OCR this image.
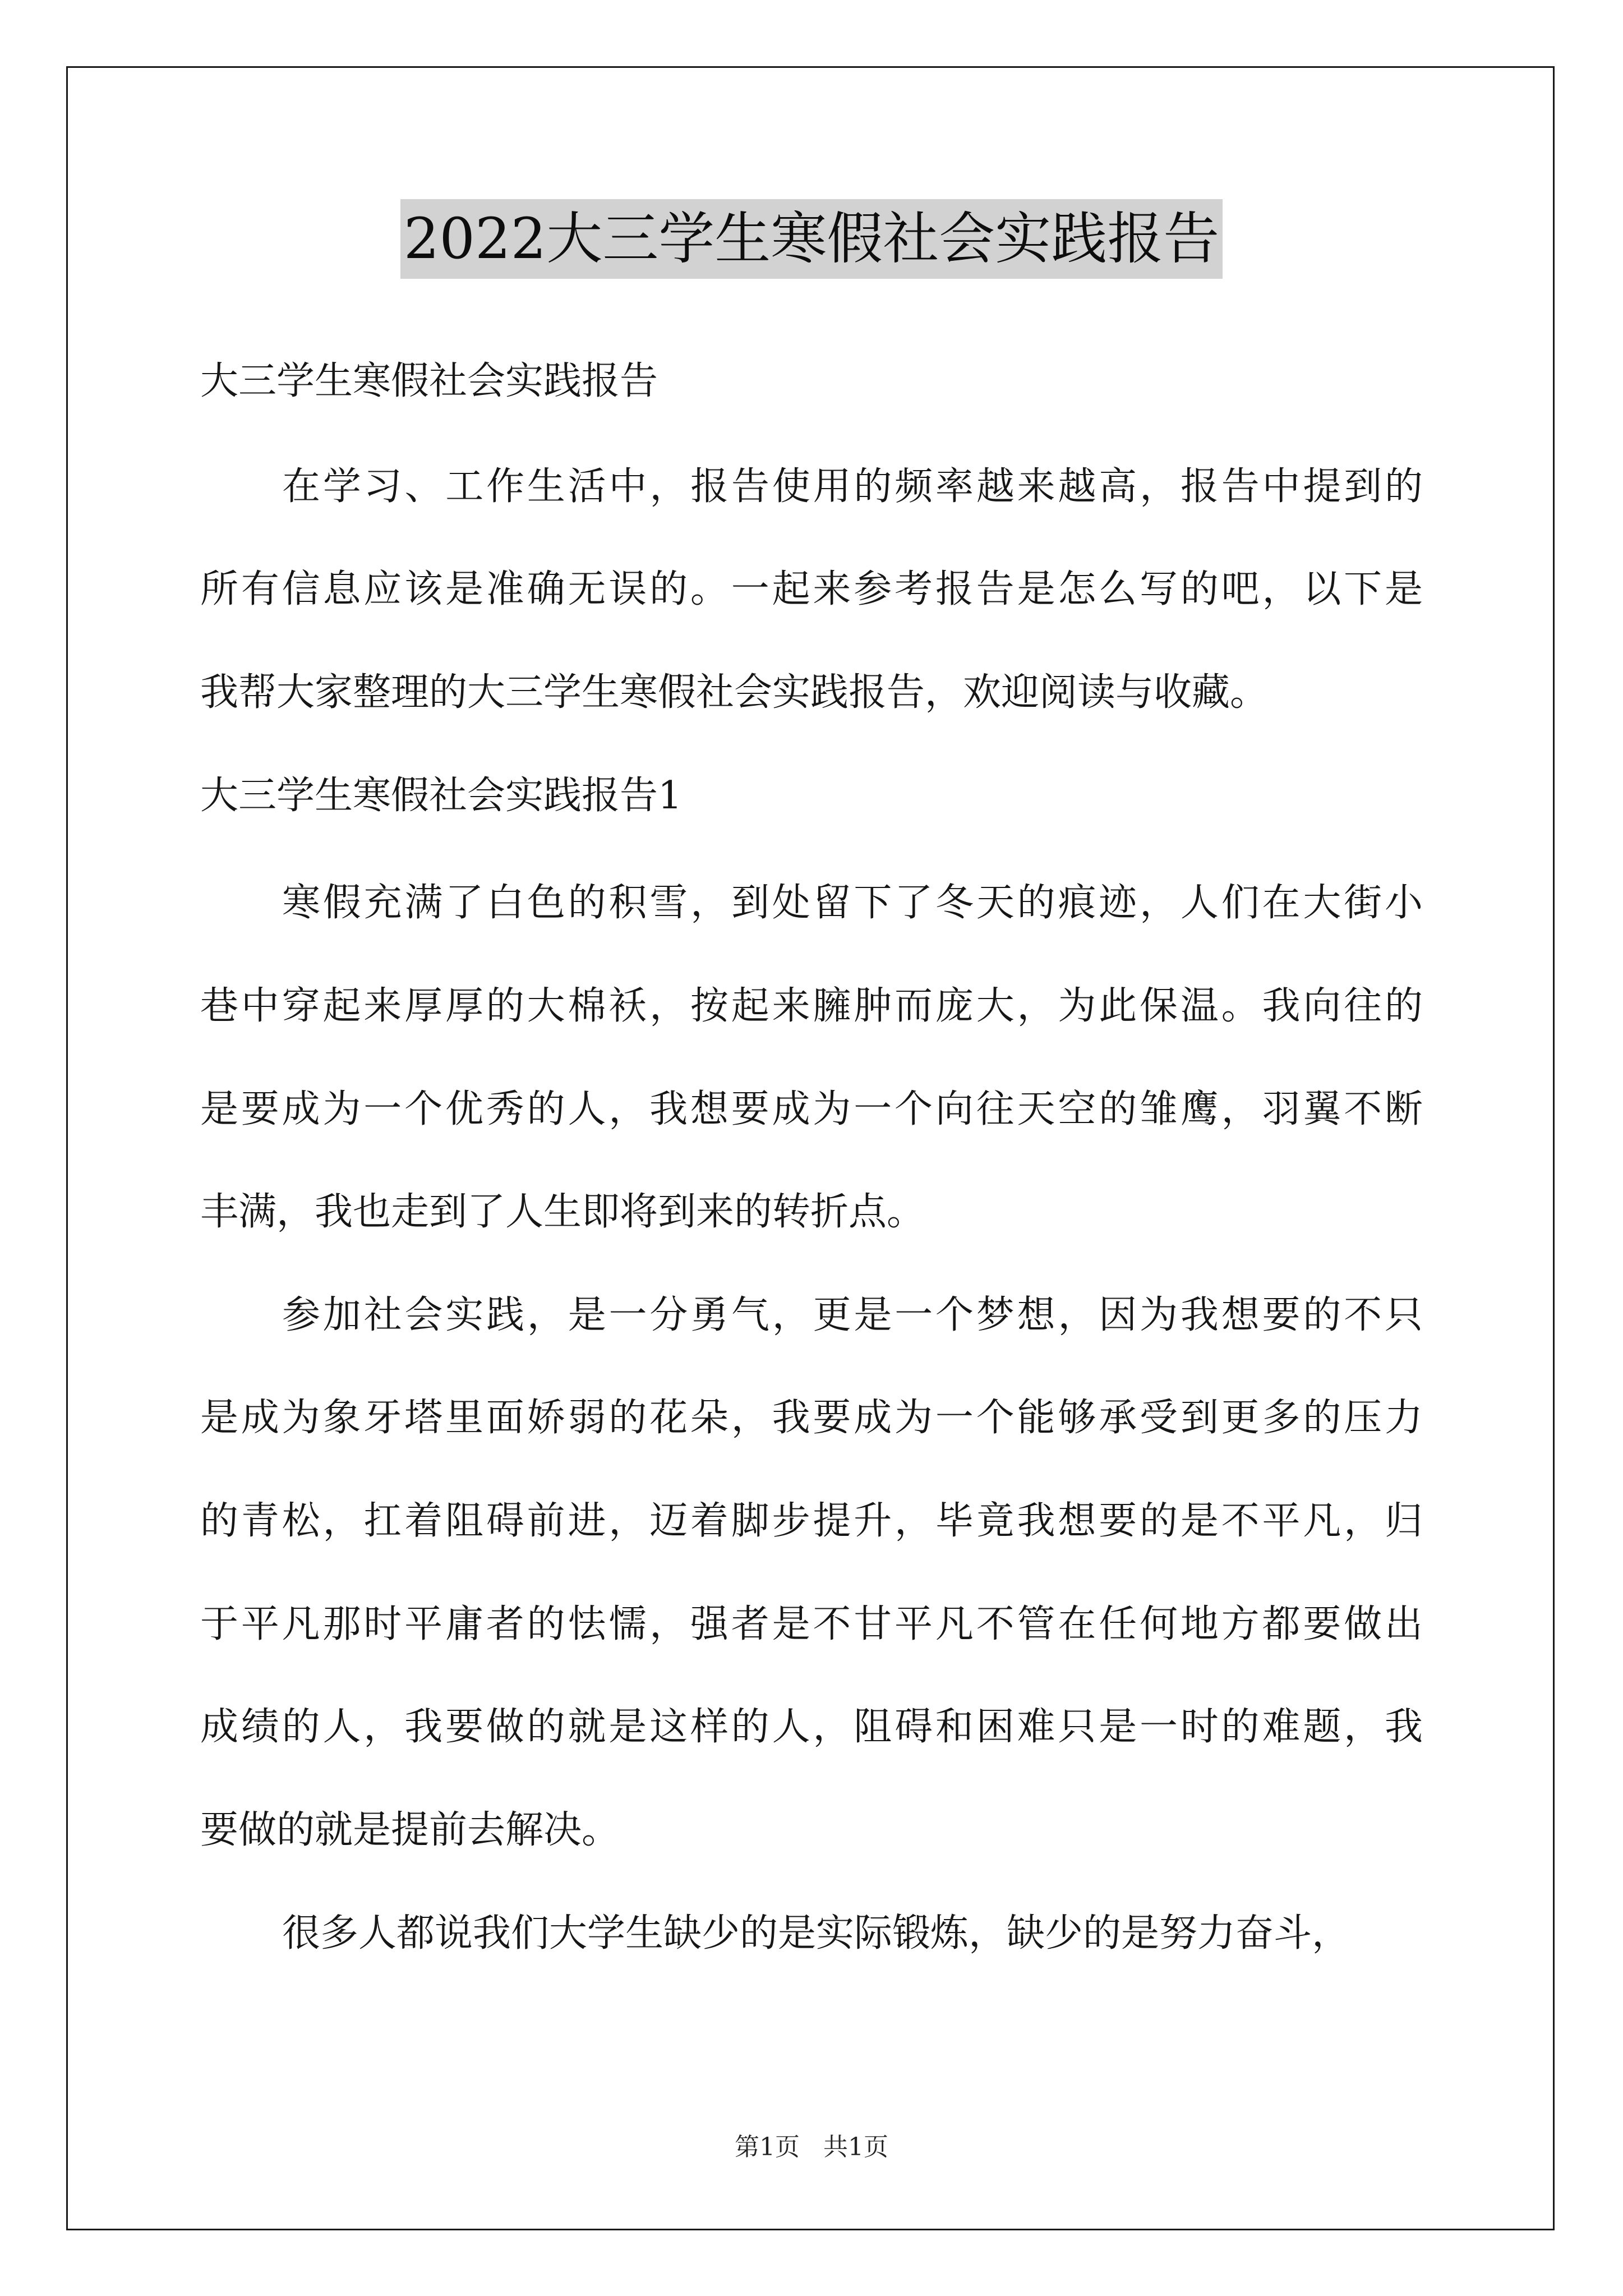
2022大三学生寒假社会实践报告
大三学生寒假社会实践报告
在学习、工作生活中，报告使用的频率越来越高，报告中提到的
所有信息应该是准确无误的。一起来参考报告是怎么写的吧，以下是
我帮大家整理的大三学生寒假社会实践报告，欢迎阅读与收藏。
大三学生寒假社会实践报告1
寒假充满了白色的积雪，到处留下了冬天的痕迹，人们在大街小
巷中穿起来厚厚的大棉袄，按起来臃肿而庞大，为此保温。我向往的
是要成为一个优秀的人，我想要成为一个向往天空的雏鹰，羽翼不断
丰满，我也走到了人生即将到来的转折点。
参加社会实践，是一分勇气，更是一个梦想，因为我想要的不只
是成为象牙塔里面娇弱的花朵，我要成为一个能够承受到更多的压力
的青松，扛着阻碍前进，迈着脚步提升，毕竟我想要的是不平凡，归
于平凡那时平庸者的怯懦，强者是不甘平凡不管在任何地方都要做出
成绩的人，我要做的就是这样的人，阻碍和困难只是一时的难题，我
要做的就是提前去解决。
很多人都说我们大学生缺少的是实际锻炼，缺少的是努力奋斗，
第1页   共1页
